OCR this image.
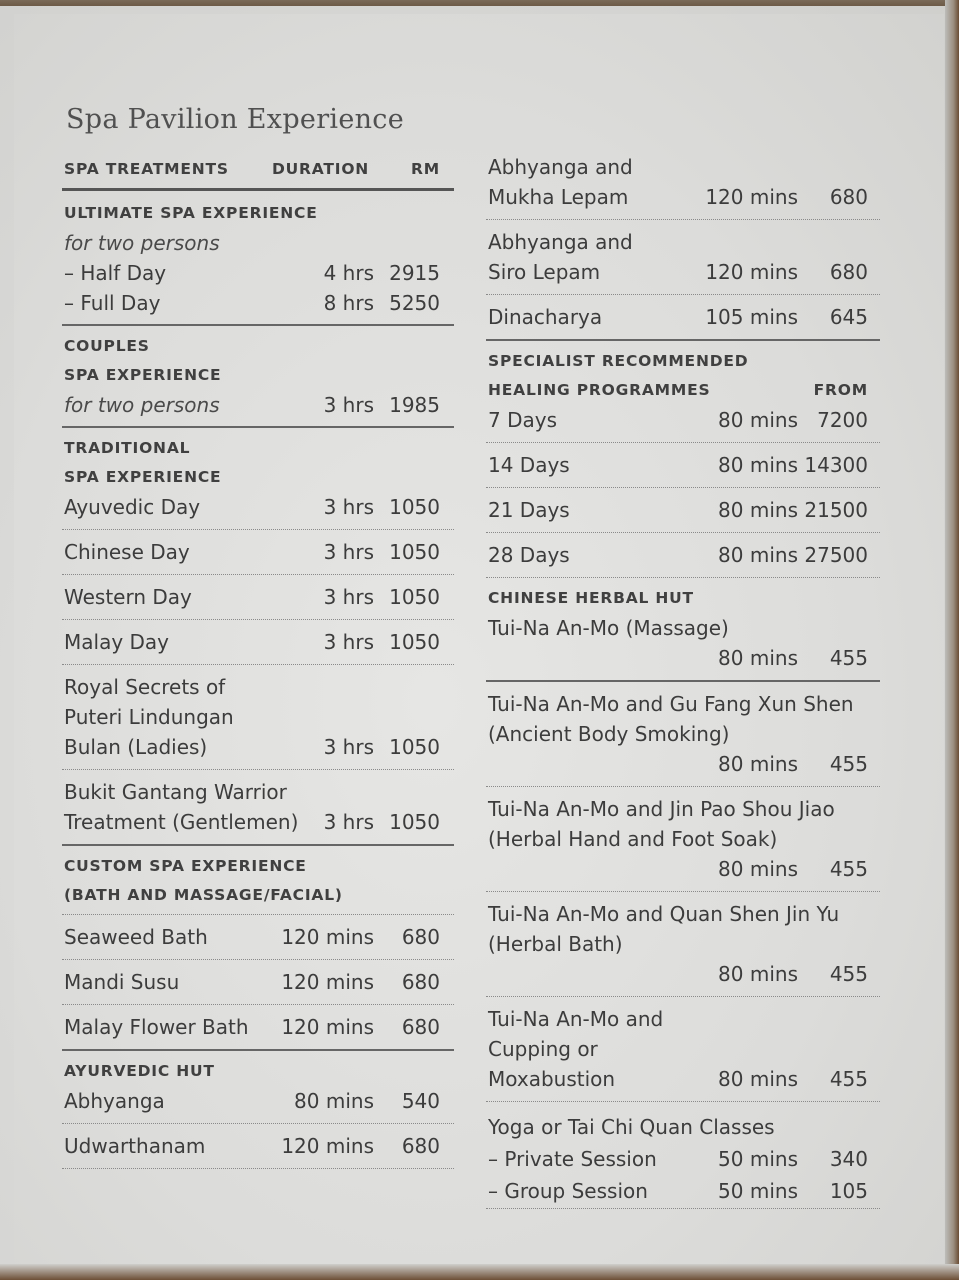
Spa Pavilion Experience
SPA TREATMENTS	DURATION	RM
ULTIMATE SPA EXPERIENCE
for two persons
– Half Day	4 hrs 2915
– Full Day	8 hrs 5250
COUPLES
SPA EXPERIENCE
for two persons	3 hrs 1985
TRADITIONAL
SPA EXPERIENCE
Ayuvedic Day	3 hrs 1050
Chinese Day	3 hrs 1050
Western Day	3 hrs 1050
Malay Day	3 hrs 1050
Royal Secrets of
Puteri Lindungan
Bulan (Ladies)	3 hrs 1050
Bukit Gantang Warrior
Treatment (Gentlemen)	3 hrs 1050
CUSTOM SPA EXPERIENCE
(BATH AND MASSAGE/FACIAL)
Seaweed Bath	120 mins	680
Mandi Susu	120 mins	680
Malay Flower Bath	120 mins	680
AYURVEDIC HUT
Abhyanga	80 mins	540
Udwarthanam	120 mins	680
Abhyanga and
Mukha Lepam	120 mins	680
Abhyanga and
Siro Lepam	120 mins	680
Dinacharya	105 mins	645
SPECIALIST RECOMMENDED
HEALING PROGRAMMES	FROM
7 Days	80 mins 7200
14 Days	80 mins 14300
21 Days	80 mins 21500
28 Days	80 mins 27500
CHINESE HERBAL HUT
Tui-Na An-Mo (Massage)
80 mins	455
Tui-Na An-Mo and Gu Fang Xun Shen
(Ancient Body Smoking)
80 mins	455
Tui-Na An-Mo and Jin Pao Shou Jiao
(Herbal Hand and Foot Soak)
80 mins	455
Tui-Na An-Mo and Quan Shen Jin Yu
(Herbal Bath)
80 mins	455
Tui-Na An-Mo and Cupping or
Moxabustion	80 mins	455
Yoga or Tai Chi Quan Classes
– Private Session	50 mins	340
– Group Session	50 mins	105
